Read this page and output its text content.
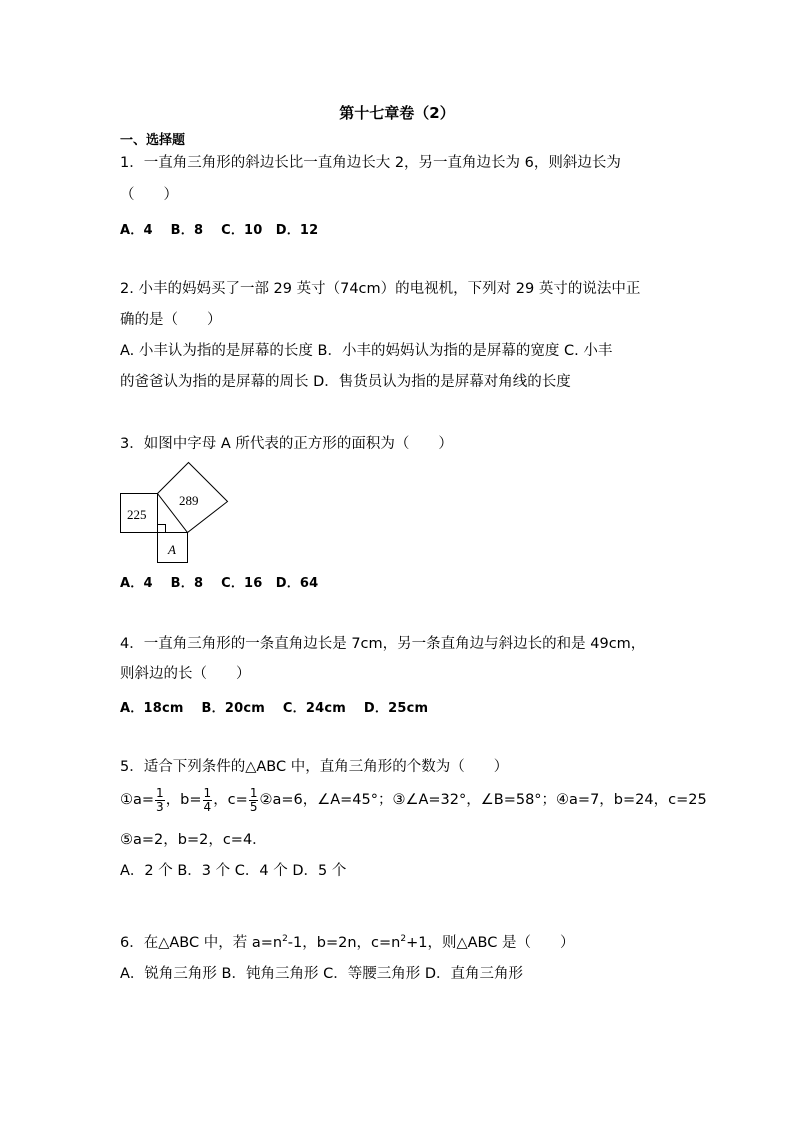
第十七章卷（2）
一、选择题
1．一直角三角形的斜边长比一直角边长大 2，另一直角边长为 6，则斜边长为
（　　）
A．4　 B．8　 C．10　D．12
2. 小丰的妈妈买了一部 29 英寸（74cm）的电视机，下列对 29 英寸的说法中正
确的是（　　）
A. 小丰认为指的是屏幕的长度 B．小丰的妈妈认为指的是屏幕的宽度 C. 小丰
的爸爸认为指的是屏幕的周长 D．售货员认为指的是屏幕对角线的长度
3．如图中字母 A 所代表的正方形的面积为（　　）
225
289
A
A．4　 B．8　 C．16　D．64
4．一直角三角形的一条直角边长是 7cm，另一条直角边与斜边长的和是 49cm，
则斜边的长（　　）
A．18cm　 B．20cm　 C．24cm　 D．25cm
5．适合下列条件的△ABC 中，直角三角形的个数为（　　）
①a= $\frac{1}{3}$ ，$b= \frac{1}{4}$ ，$c= \frac{1}{5}$ ②a=6，∠A=45°；③∠A=32°，∠B=58°；④a=7，b=24，c=25
⑤a=2，b=2，c=4．
A．2 个 B．3 个 C．4 个 D．5 个
6．在△ABC 中，若 $a=n^2-1$，b=2n，$c=n^2+1$，则△ABC 是（　　）
A．锐角三角形 B．钝角三角形 C．等腰三角形 D．直角三角形
